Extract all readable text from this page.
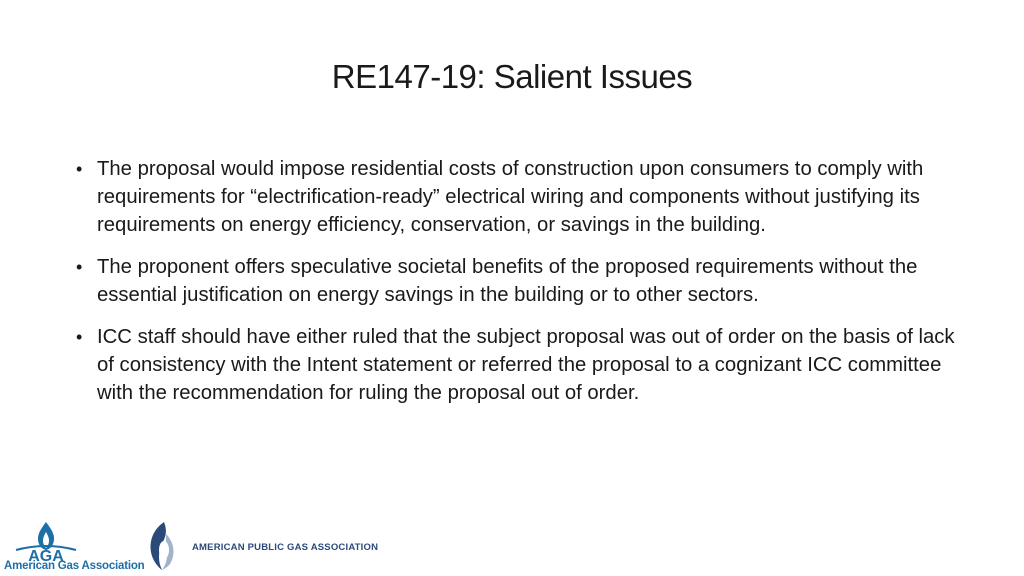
RE147-19: Salient Issues
• The proposal would impose residential costs of construction upon consumers to comply with requirements for “electrification-ready” electrical wiring and components without justifying its requirements on energy efficiency, conservation, or savings in the building.
• The proponent offers speculative societal benefits of the proposed requirements without the essential justification on energy savings in the building or to other sectors.
• ICC staff should have either ruled that the subject proposal was out of order on the basis of lack of consistency with the Intent statement or referred the proposal to a cognizant ICC committee with the recommendation for ruling the proposal out of order.
AGA
American Gas Association
AMERICAN PUBLIC GAS ASSOCIATION
